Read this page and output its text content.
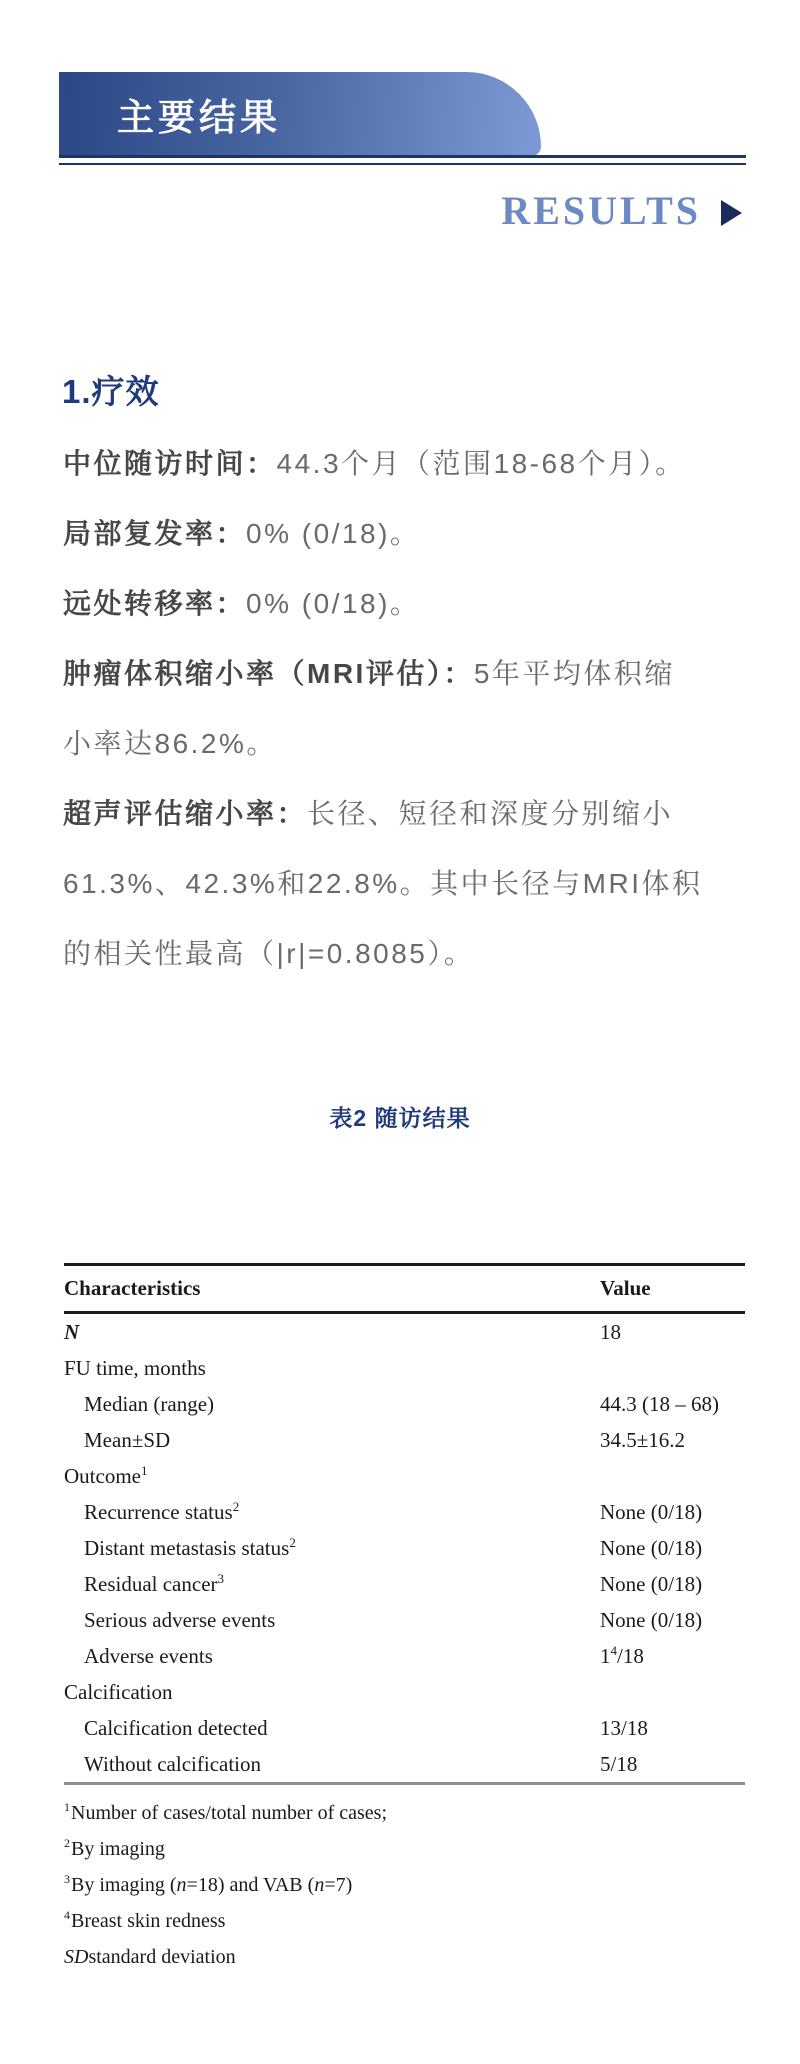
主要结果
RESULTS
1.疗效
中位随访时间： 44.3个月（范围18-68个月）。
局部复发率： 0% (0/18)。
远处转移率： 0% (0/18)。
肿瘤体积缩小率（MRI评估）： 5年平均体积缩
小率达86.2%。
超声评估缩小率： 长径、短径和深度分别缩小
61.3%、42.3%和22.8%。其中长径与MRI体积
的相关性最高（|r|=0.8085）。
表2 随访结果
Characteristics	Value
N	18
FU time, months
Median (range)	44.3 (18 – 68)
Mean±SD	34.5±16.2
Outcome$^1$
Recurrence status$^2$	None (0/18)
Distant metastasis status$^2$	None (0/18)
Residual cancer$^3$	None (0/18)
Serious adverse events	None (0/18)
Adverse events	$1^4/18$
Calcification
Calcification detected	13/18
Without calcification	5/18
$^1$ Number of cases/total number of cases;
$^2$ By imaging
$^3$ By imaging ( n =18) and VAB ( n =7)
$^4$ Breast skin redness
SD standard deviation
